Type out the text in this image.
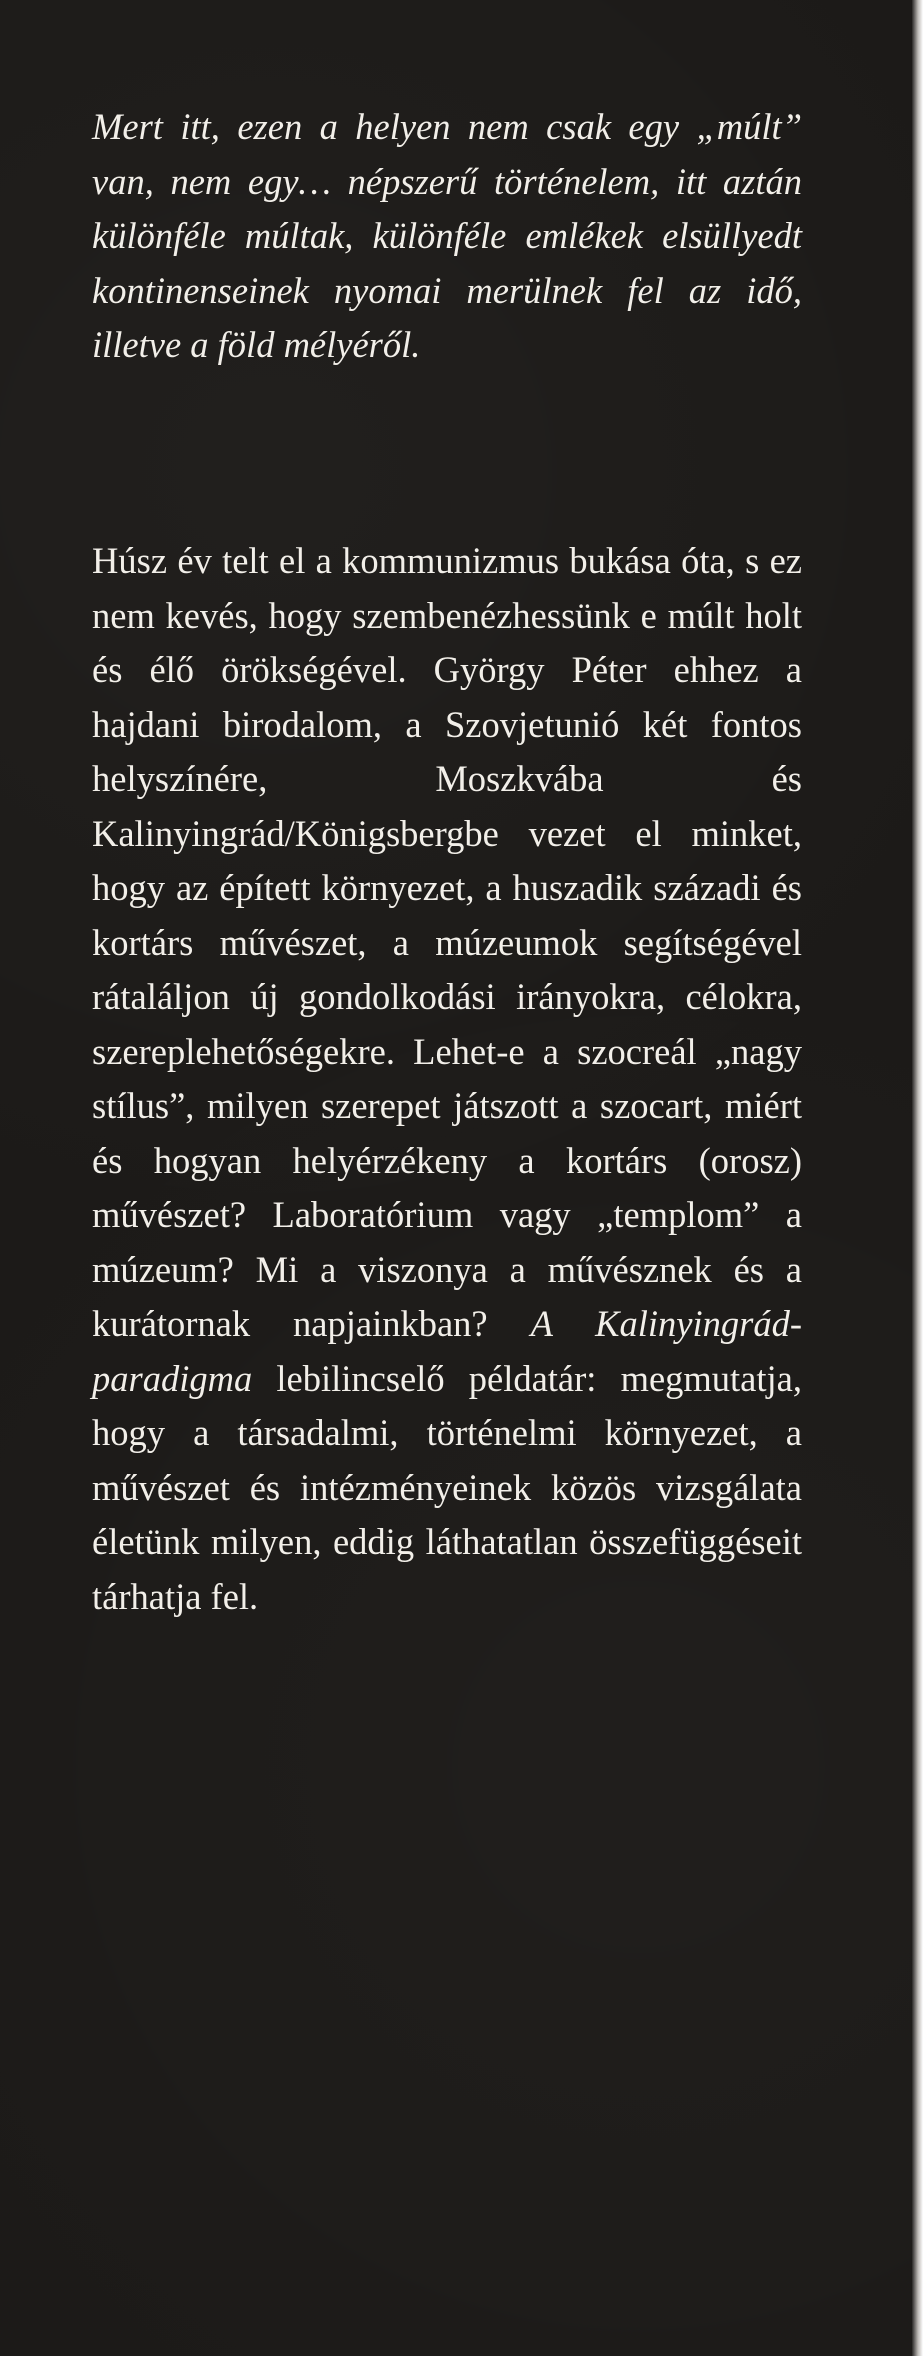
Mert itt, ezen a helyen nem csak egy „múlt” van, nem egy… népszerű történelem, itt aztán különféle múltak, különféle emlékek elsüllyedt kontinenseinek nyomai merülnek fel az idő, illetve a föld mélyéről.

Húsz év telt el a kommunizmus bukása óta, s ez nem kevés, hogy szembenézhessünk e múlt holt és élő örökségével. György Péter ehhez a hajdani birodalom, a Szovjetunió két fontos helyszínére, Moszkvába és Kalinyingrád/Königsbergbe vezet el minket, hogy az épített környezet, a huszadik századi és kortárs művészet, a múzeumok segítségével rátaláljon új gondolkodási irányokra, célokra, szereplehetőségekre. Lehet-e a szocreál „nagy stílus”, milyen szerepet játszott a szocart, miért és hogyan helyérzékeny a kortárs (orosz) művészet? Laboratórium vagy „templom” a múzeum? Mi a viszonya a művésznek és a kurátornak napjainkban? A Kalinyingrád-paradigma lebilincselő példatár: megmutatja, hogy a társadalmi, történelmi környezet, a művészet és intézményeinek közös vizsgálata életünk milyen, eddig láthatatlan összefüggéseit tárhatja fel.
